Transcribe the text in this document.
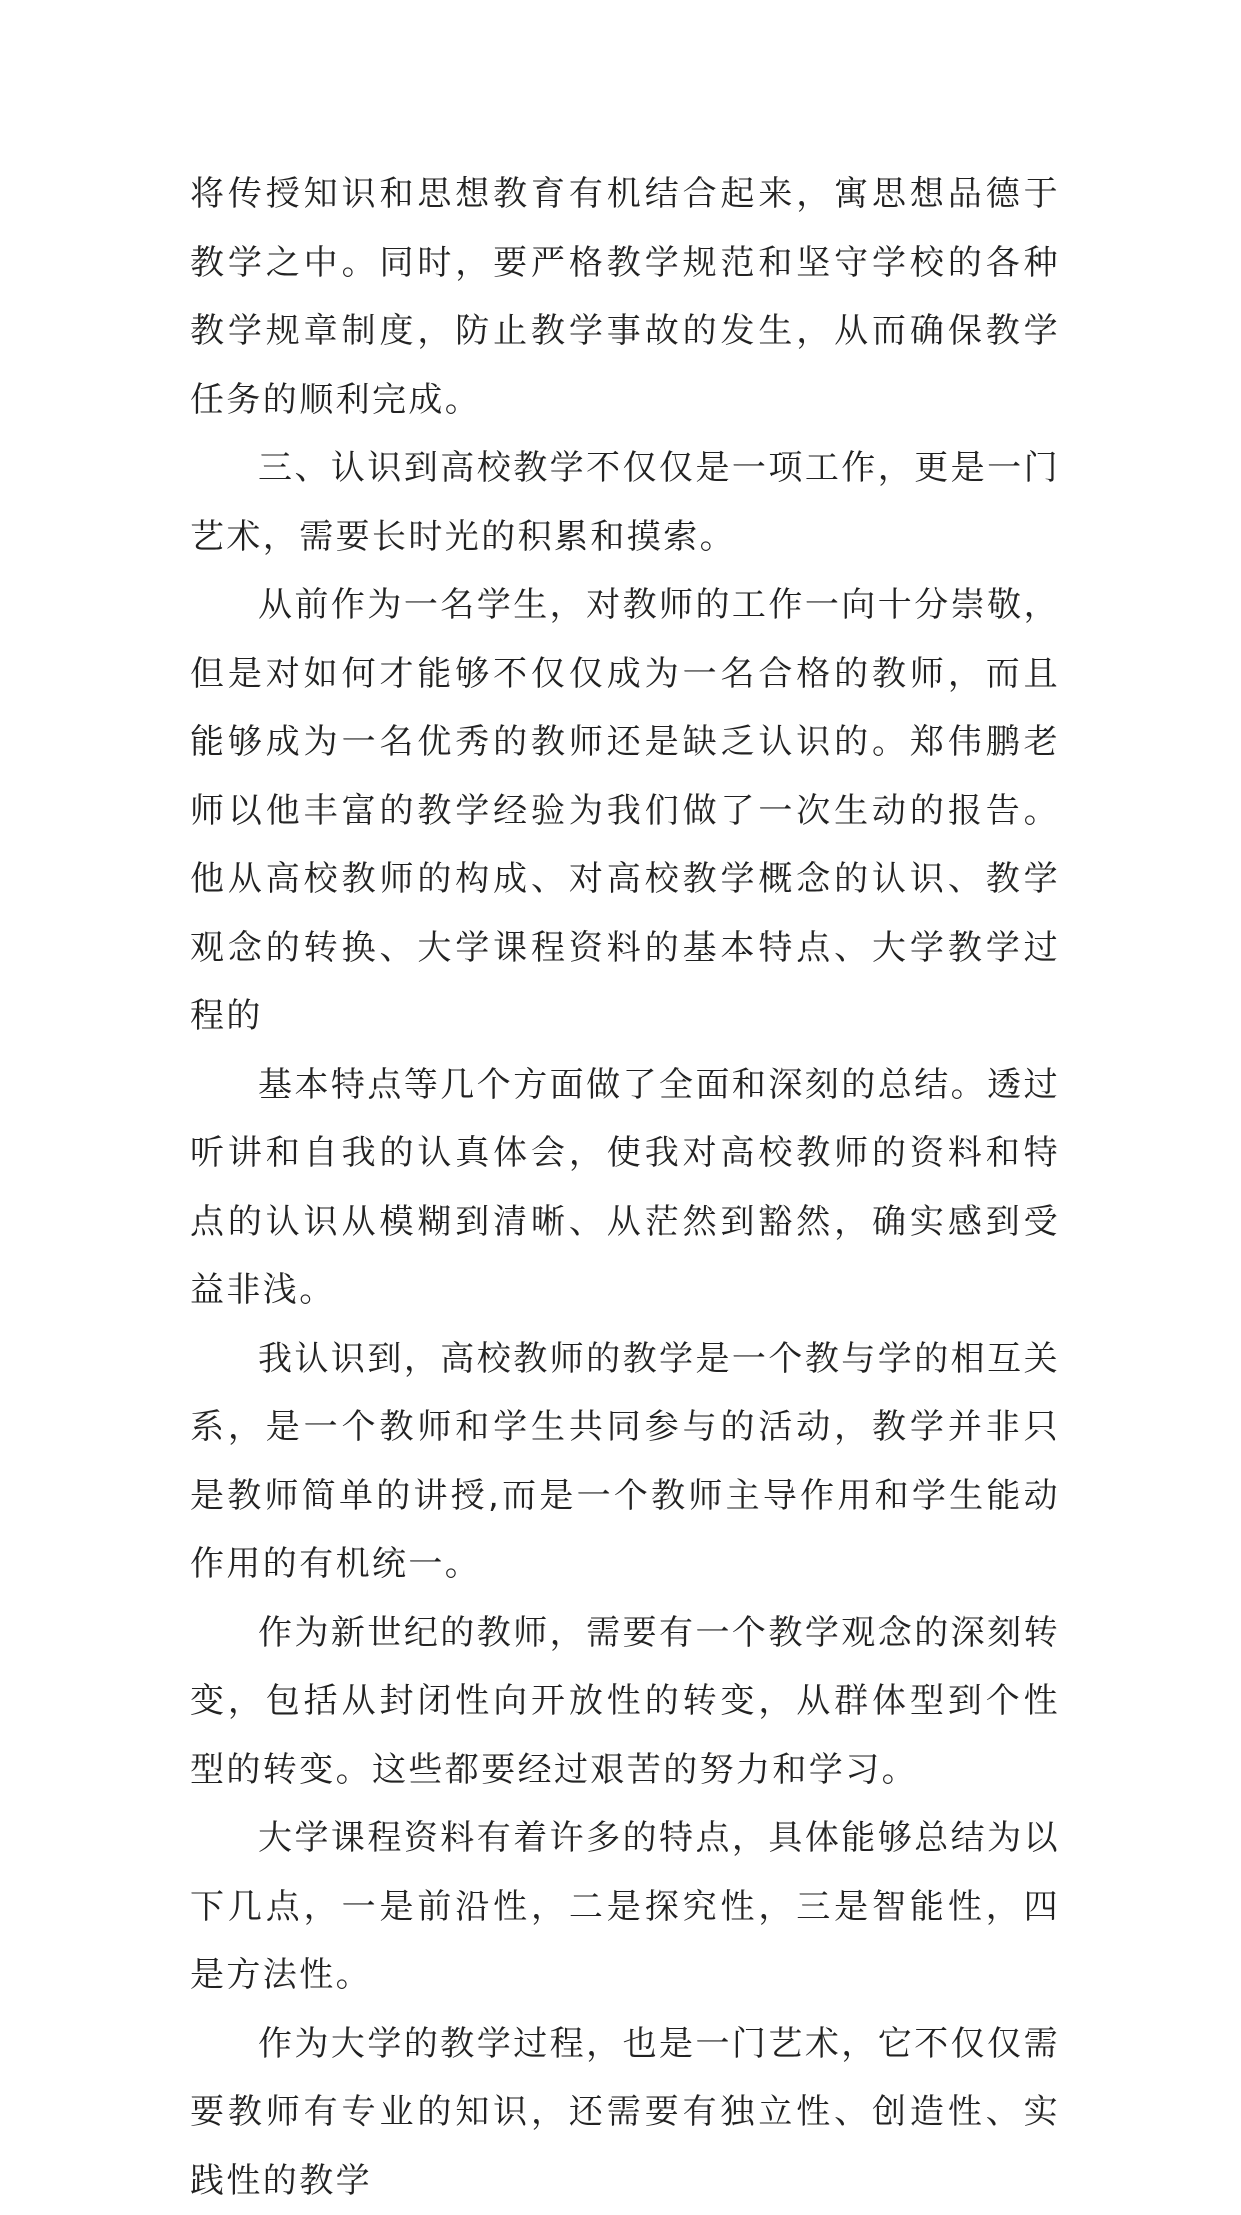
将传授知识和思想教育有机结合起来，寓思想品德于教学之中。同时，要严格教学规范和坚守学校的各种教学规章制度，防止教学事故的发生，从而确保教学任务的顺利完成。

三、认识到高校教学不仅仅是一项工作，更是一门艺术，需要长时光的积累和摸索。

从前作为一名学生，对教师的工作一向十分崇敬，但是对如何才能够不仅仅成为一名合格的教师，而且能够成为一名优秀的教师还是缺乏认识的。郑伟鹏老师以他丰富的教学经验为我们做了一次生动的报告。他从高校教师的构成、对高校教学概念的认识、教学观念的转换、大学课程资料的基本特点、大学教学过程的

基本特点等几个方面做了全面和深刻的总结。透过听讲和自我的认真体会，使我对高校教师的资料和特点的认识从模糊到清晰、从茫然到豁然，确实感到受益非浅。

我认识到，高校教师的教学是一个教与学的相互关系，是一个教师和学生共同参与的活动，教学并非只是教师简单的讲授,而是一个教师主导作用和学生能动作用的有机统一。

作为新世纪的教师，需要有一个教学观念的深刻转变，包括从封闭性向开放性的转变，从群体型到个性型的转变。这些都要经过艰苦的努力和学习。

大学课程资料有着许多的特点，具体能够总结为以下几点，一是前沿性，二是探究性，三是智能性，四是方法性。

作为大学的教学过程，也是一门艺术，它不仅仅需要教师有专业的知识，还需要有独立性、创造性、实践性的教学
